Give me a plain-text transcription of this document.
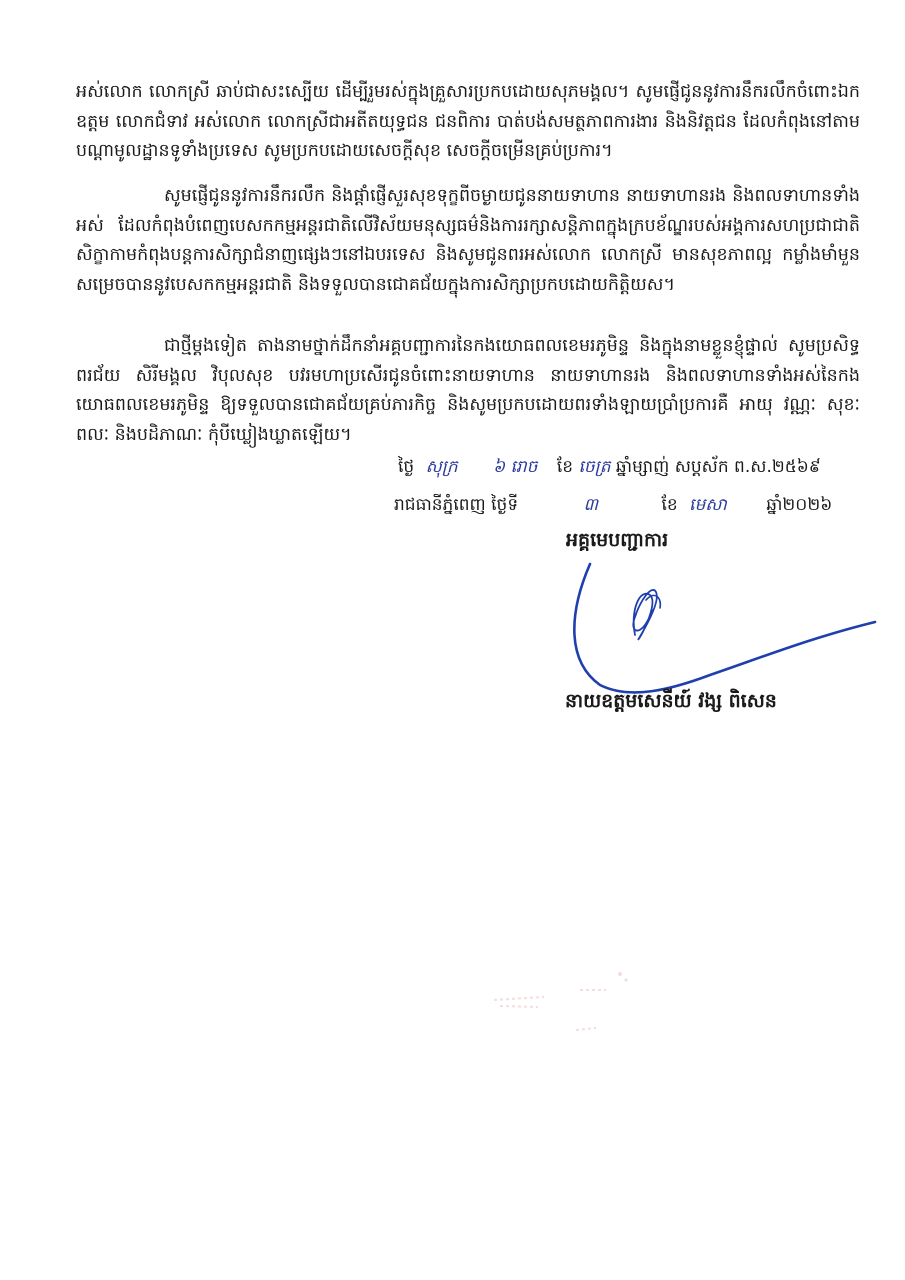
អស់លោក លោកស្រី ឆាប់ជាសះស្បើយ ដើម្បីរួមរស់ក្នុងគ្រួសារប្រកបដោយសុភមង្គល។ សូមផ្ញើជូននូវការនឹករលឹកចំពោះឯកឧត្តម លោកជំទាវ អស់លោក លោកស្រីជាអតីតយុទ្ធជន ជនពិការ បាត់បង់សមត្ថភាពការងារ និងនិវត្តជន ដែលកំពុងនៅតាមបណ្តាមូលដ្ឋានទូទាំងប្រទេស សូមប្រកបដោយសេចក្តីសុខ សេចក្តីចម្រើនគ្រប់ប្រការ។

សូមផ្ញើជូននូវការនឹករលឹក និងផ្តាំផ្ញើសួរសុខទុក្ខពីចម្ងាយជូននាយទាហាន នាយទាហានរង និងពលទាហានទាំងអស់ ដែលកំពុងបំពេញបេសកកម្មអន្តរជាតិលើវិស័យមនុស្សធម៌និងការរក្សាសន្តិភាពក្នុងក្របខ័ណ្ឌរបស់អង្គការសហប្រជាជាតិ សិក្ខាកាមកំពុងបន្តការសិក្សាជំនាញផ្សេងៗនៅឯបរទេស និងសូមជូនពរអស់លោក លោកស្រី មានសុខភាពល្អ កម្លាំងមាំមួន សម្រេចបាននូវបេសកកម្មអន្តរជាតិ និងទទួលបានជោគជ័យក្នុងការសិក្សាប្រកបដោយកិត្តិយស។

ជាថ្មីម្តងទៀត តាងនាមថ្នាក់ដឹកនាំអគ្គបញ្ជាការនៃកងយោធពលខេមរភូមិន្ទ និងក្នុងនាមខ្លួនខ្ញុំផ្ទាល់ សូមប្រសិទ្ធពរជ័យ សិរីមង្គល វិបុលសុខ បវរមហាប្រសើរជូនចំពោះនាយទាហាន នាយទាហានរង និងពលទាហានទាំងអស់នៃកងយោធពលខេមរភូមិន្ទ ឱ្យទទួលបានជោគជ័យគ្រប់ភារកិច្ច និងសូមប្រកបដោយពរទាំងឡាយប្រាំប្រការគឺ អាយុ វណ្ណៈ សុខៈ ពលៈ និងបដិភាណៈ កុំបីឃ្លៀងឃ្លាតឡើយ។

ថ្ងៃ សុក្រ ៦ រោច ខែ ចេត្រ ឆ្នាំម្សាញ់ សប្តស័ក ព.ស.២៥៦៩
រាជធានីភ្នំពេញ ថ្ងៃទី	៣	ខែ មេសា ឆ្នាំ២០២៦
អគ្គមេបញ្ជាការ
នាយឧត្តមសេនីយ៍ វង្ស ពិសេន
